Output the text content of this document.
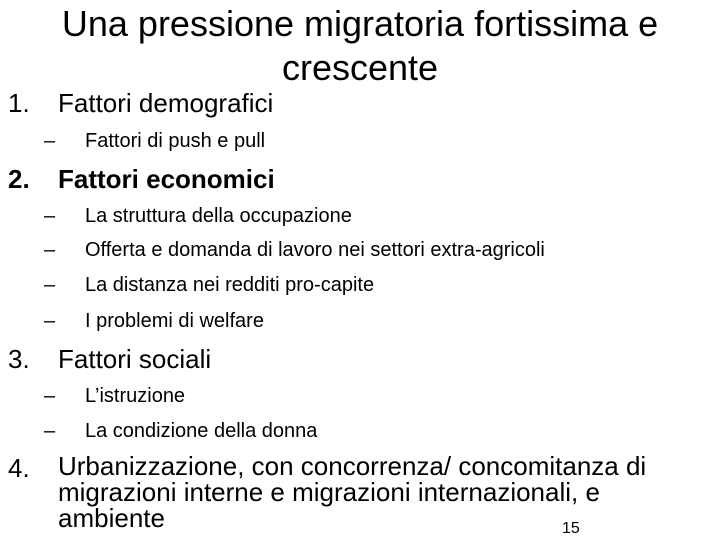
Una pressione migratoria fortissima e crescente
1. Fattori demografici
– Fattori di push e pull
2. Fattori economici
– La struttura della occupazione
– Offerta e domanda di lavoro nei settori extra-agricoli
– La distanza nei redditi pro-capite
– I problemi di welfare
3. Fattori sociali
– L’istruzione
– La condizione della donna
4.	Urbanizzazione, con concorrenza/ concomitanza di migrazioni interne e migrazioni internazionali, e ambiente	15
